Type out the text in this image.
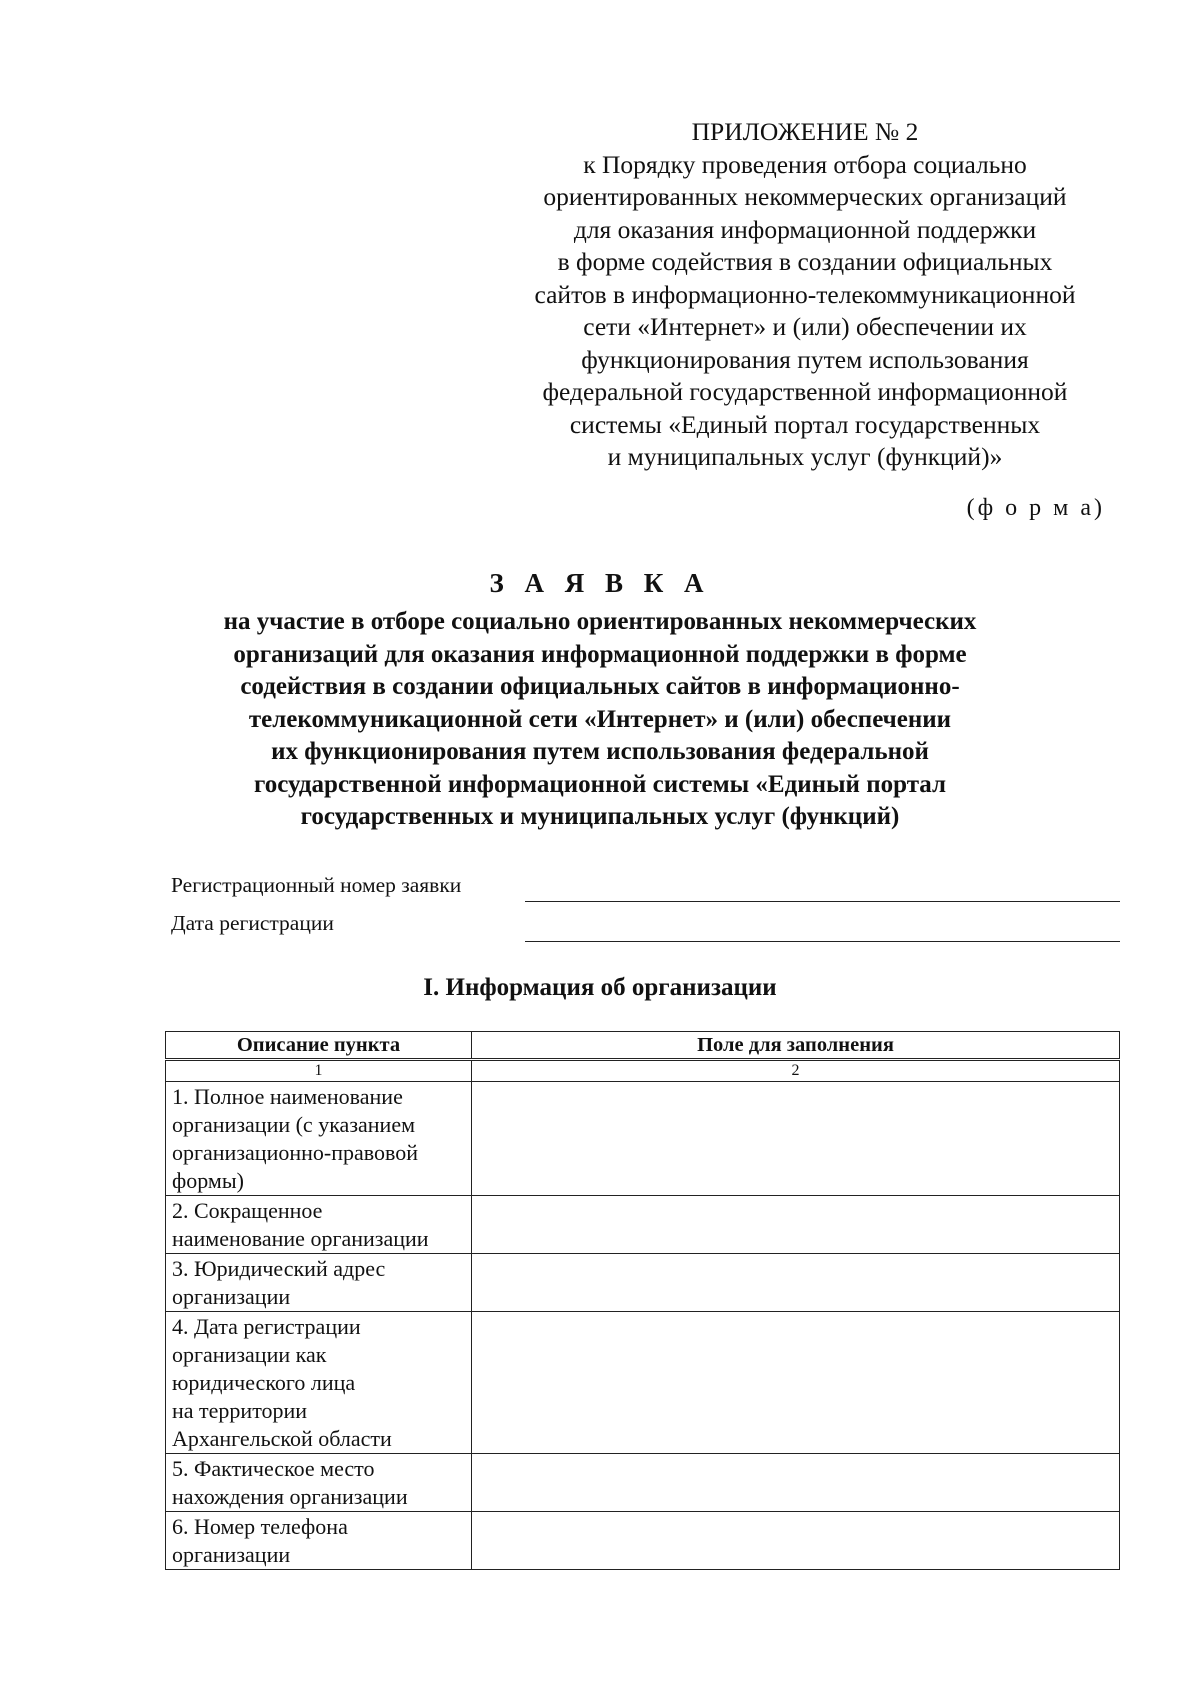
ПРИЛОЖЕНИЕ № 2
к Порядку проведения отбора социально
ориентированных некоммерческих организаций
для оказания информационной поддержки
в форме содействия в создании официальных
сайтов в информационно-телекоммуникационной
сети «Интернет» и (или) обеспечении их
функционирования путем использования
федеральной государственной информационной
системы «Единый портал государственных
и муниципальных услуг (функций)»
(ф о р м а)
З А Я В К А
на участие в отборе социально ориентированных некоммерческих
организаций для оказания информационной поддержки в форме
содействия в создании официальных сайтов в информационно-
телекоммуникационной сети «Интернет» и (или) обеспечении
их функционирования путем использования федеральной
государственной информационной системы «Единый портал
государственных и муниципальных услуг (функций)
Регистрационный номер заявки
Дата регистрации
I. Информация об организации
Описание пункта	Поле для заполнения
1	2
1. Полное наименование
организации (с указанием
организационно-правовой
формы)	

2. Сокращенное
наименование организации	

3. Юридический адрес
организации	

4. Дата регистрации
организации как
юридического лица
на территории
Архангельской области	

5. Фактическое место
нахождения организации	

6. Номер телефона
организации	
